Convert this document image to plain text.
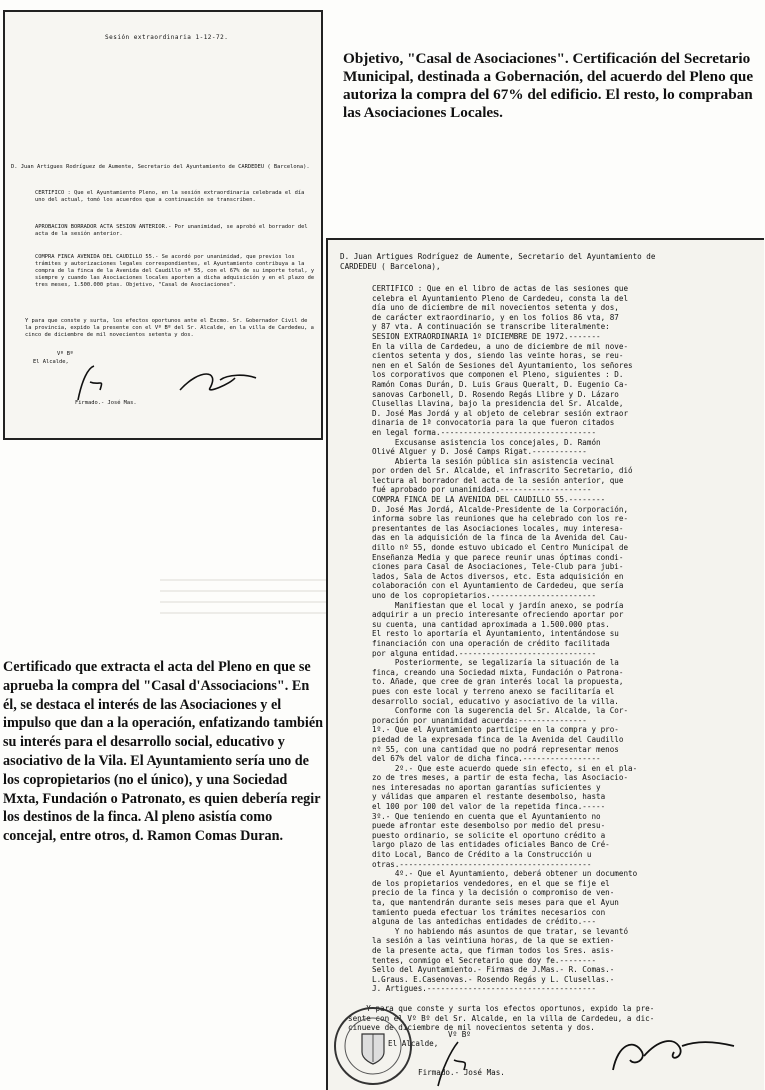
Sesión extraordinaria 1-12-72.
D. Juan Artigues Rodríguez de Aumente, Secretario del Ayuntamiento de CARDEDEU ( Barcelona).
CERTIFICO : Que el Ayuntamiento Pleno, en la sesión extraordinaria celebrada el día uno del actual, tomó los acuerdos que a continuación se transcriben.
APROBACION BORRADOR ACTA SESION ANTERIOR.- Por unanimidad, se aprobó el borrador del acta de la sesión anterior.
COMPRA FINCA AVENIDA DEL CAUDILLO 55.- Se acordó por unanimidad, que previos los trámites y autorizaciones legales correspondientes, el Ayuntamiento contribuya a la compra de la finca de la Avenida del Caudillo nº 55, con el 67% de su importe total, y siempre y cuando las Asociaciones locales aporten a dicha adquisición y en el plazo de tres meses, 1.500.000 ptas. Objetivo, "Casal de Asociaciones".
Y para que conste y surta, los efectos oportunos ante el Excmo. Sr. Gobernador Civil de la provincia, expido la presente con el Vº Bº del Sr. Alcalde, en la villa de Cardedeu, a cinco de diciembre de mil novecientos setenta y dos.
Vº Bº
El Alcalde,
Firmado.- José Mas.
Objetivo, "Casal de Asociaciones". Certificación del Secretario Municipal, destinada a Gobernación, del acuerdo del Pleno que autoriza la compra del 67% del edificio. El resto, lo compraban las Asociaciones Locales.
Certificado que extracta el acta del Pleno en que se aprueba la compra del "Casal d'Associacions". En él, se destaca el interés de las Asociaciones y el impulso que dan a la operación, enfatizando también su interés para el desarrollo social, educativo y asociativo de la Vila. El Ayuntamiento sería uno de los copropietarios (no el único), y una Sociedad Mxta, Fundación o Patronato, es quien debería regir los destinos de la finca. Al pleno asistía como concejal, entre otros, d. Ramon Comas Duran.
D. Juan Artigues Rodríguez de Aumente, Secretario del Ayuntamiento de
CARDEDEU ( Barcelona),
CERTIFICO : Que en el libro de actas de las sesiones que
celebra el Ayuntamiento Pleno de Cardedeu, consta la del
día uno de diciembre de mil novecientos setenta y dos,
de carácter extraordinario, y en los folios 86 vta, 87
y 87 vta. A continuación se transcribe literalmente:
SESION EXTRAORDINARIA 1º DICIEMBRE DE 1972.-------
En la villa de Cardedeu, a uno de diciembre de mil nove-
cientos setenta y dos, siendo las veinte horas, se reu-
nen en el Salón de Sesiones del Ayuntamiento, los señores
los corporativos que componen el Pleno, siguientes : D.
Ramón Comas Durán, D. Luis Graus Queralt, D. Eugenio Ca-
sanovas Carbonell, D. Rosendo Regás Llibre y D. Lázaro
Clusellas Llavina, bajo la presidencia del Sr. Alcalde,
D. José Mas Jordá y al objeto de celebrar sesión extraor
dinaria de 1ª convocatoria para la que fueron citados
en legal forma.----------------------------------
Excusanse asistencia los concejales, D. Ramón
Olivé Alguer y D. José Camps Rigat.------------
Abierta la sesión pública sin asistencia vecinal
por orden del Sr. Alcalde, el infrascrito Secretario, dió
lectura al borrador del acta de la sesión anterior, que
fué aprobado por unanimidad.--------------------
COMPRA FINCA DE LA AVENIDA DEL CAUDILLO 55.--------
D. José Mas Jordá, Alcalde-Presidente de la Corporación,
informa sobre las reuniones que ha celebrado con los re-
presentantes de las Asociaciones locales, muy interesa-
das en la adquisición de la finca de la Avenida del Cau-
dillo nº 55, donde estuvo ubicado el Centro Municipal de
Enseñanza Media y que parece reunir unas óptimas condi-
ciones para Casal de Asociaciones, Tele-Club para jubi-
lados, Sala de Actos diversos, etc. Esta adquisición en
colaboración con el Ayuntamiento de Cardedeu, que sería
uno de los copropietarios.-----------------------
Manifiestan que el local y jardín anexo, se podría
adquirir a un precio interesante ofreciendo aportar por
su cuenta, una cantidad aproximada a 1.500.000 ptas.
El resto lo aportaría el Ayuntamiento, intentándose su
financiación con una operación de crédito facilitada
por alguna entidad.------------------------------
Posteriormente, se legalizaría la situación de la
finca, creando una Sociedad mixta, Fundación o Patrona-
to. Añade, que cree de gran interés local la propuesta,
pues con este local y terreno anexo se facilitaría el
desarrollo social, educativo y asociativo de la villa.
Conforme con la sugerencia del Sr. Alcalde, la Cor-
poración por unanimidad acuerda:---------------
1º.- Que el Ayuntamiento participe en la compra y pro-
piedad de la expresada finca de la Avenida del Caudillo
nº 55, con una cantidad que no podrá representar menos
del 67% del valor de dicha finca.-----------------
2º.- Que este acuerdo quede sin efecto, si en el pla-
zo de tres meses, a partir de esta fecha, las Asociacio-
nes interesadas no aportan garantías suficientes y
y válidas que amparen el restante desembolso, hasta
el 100 por 100 del valor de la repetida finca.-----
3º.- Que teniendo en cuenta que el Ayuntamiento no
puede afrontar este desembolso por medio del presu-
puesto ordinario, se solicite el oportuno crédito a
largo plazo de las entidades oficiales Banco de Cré-
dito Local, Banco de Crédito a la Construcción u
otras.------------------------------------------
4º.- Que el Ayuntamiento, deberá obtener un documento
de los propietarios vendedores, en el que se fije el
precio de la finca y la decisión o compromiso de ven-
ta, que mantendrán durante seis meses para que el Ayun
tamiento pueda efectuar los trámites necesarios con
alguna de las antedichas entidades de crédito.---
Y no habiendo más asuntos de que tratar, se levantó
la sesión a las veintiuna horas, de la que se extien-
de la presente acta, que firman todos los Sres. asis-
tentes, conmigo el Secretario que doy fe.--------
Sello del Ayuntamiento.- Firmas de J.Mas.- R. Comas.-
L.Graus. E.Casenovas.- Rosendo Regás y L. Clusellas.-
J. Artigues.-------------------------------------
Y para que conste y surta los efectos oportunos, expido la pre-
sente con el Vº Bº del Sr. Alcalde, en la villa de Cardedeu, a dic-
cinueve de diciembre de mil novecientos setenta y dos.
Vº Bº
El Alcalde,
Firmado.- José Mas.
